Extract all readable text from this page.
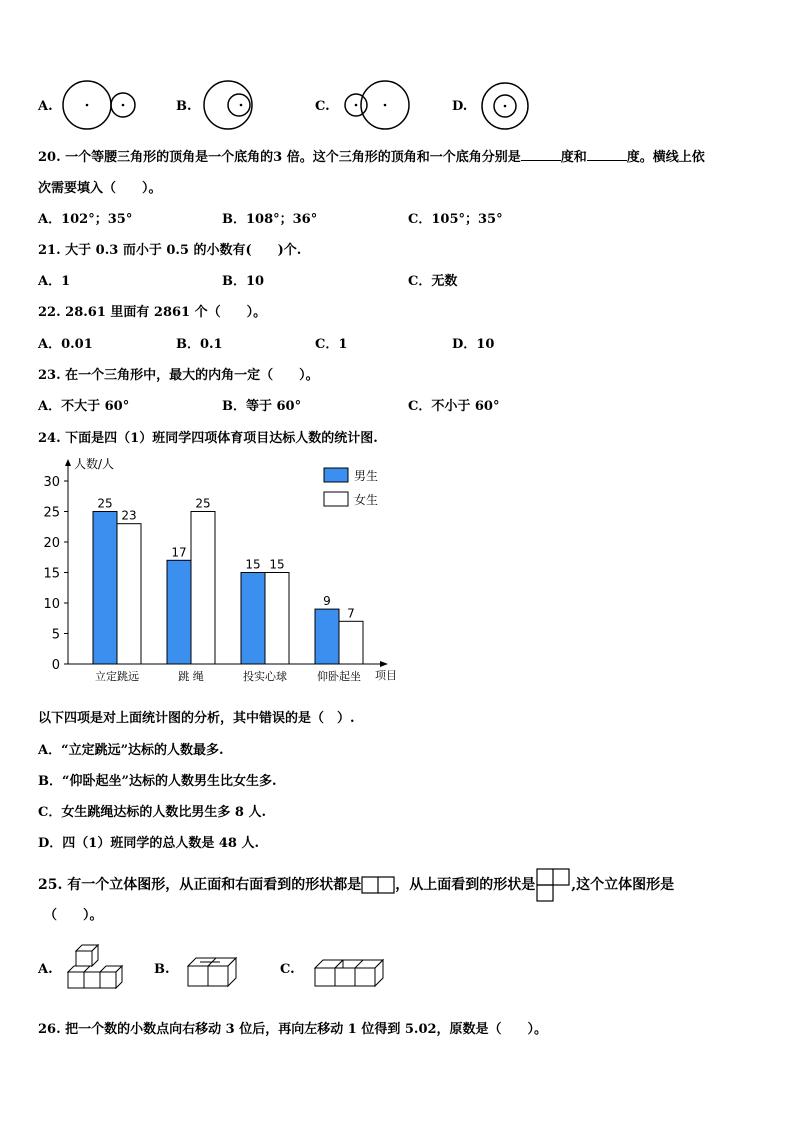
A.	B.	C.	D.
20. 一个等腰三角形的顶角是一个底角的3 倍。这个三角形的顶角和一个底角分别是	度和	度。横线上依
次需要填入（　　）。
A．102°；35°	B．108°；36°	C．105°；35°
21. 大于 0.3 而小于 0.5 的小数有(　　)个.
A．1	B．10	C．无数
22. 28.61 里面有 2861 个（　　）。
A．0.01	B．0.1	C．1	D．10
23. 在一个三角形中，最大的内角一定（　　）。
A．不大于 60°	B．等于 60°	C．不小于 60°
24. 下面是四（1）班同学四项体育项目达标人数的统计图.
0
5
10
15
20
25
30
人数/人
项目
25
23
立定跳远
17
25
跳 绳
15 15
投实心球
9
7
仰卧起坐
男生
女生
以下四项是对上面统计图的分析，其中错误的是（　）.
A．“立定跳远”达标的人数最多.
B．“仰卧起坐”达标的人数男生比女生多.
C．女生跳绳达标的人数比男生多 8 人.
D．四（1）班同学的总人数是 48 人.
25. 有一个立体图形，从正面和右面看到的形状都是 ，从上面看到的形状是	,这个立体图形是
（　　）。
A.	B.	C.
26. 把一个数的小数点向右移动 3 位后，再向左移动 1 位得到 5.02，原数是（　　）。
